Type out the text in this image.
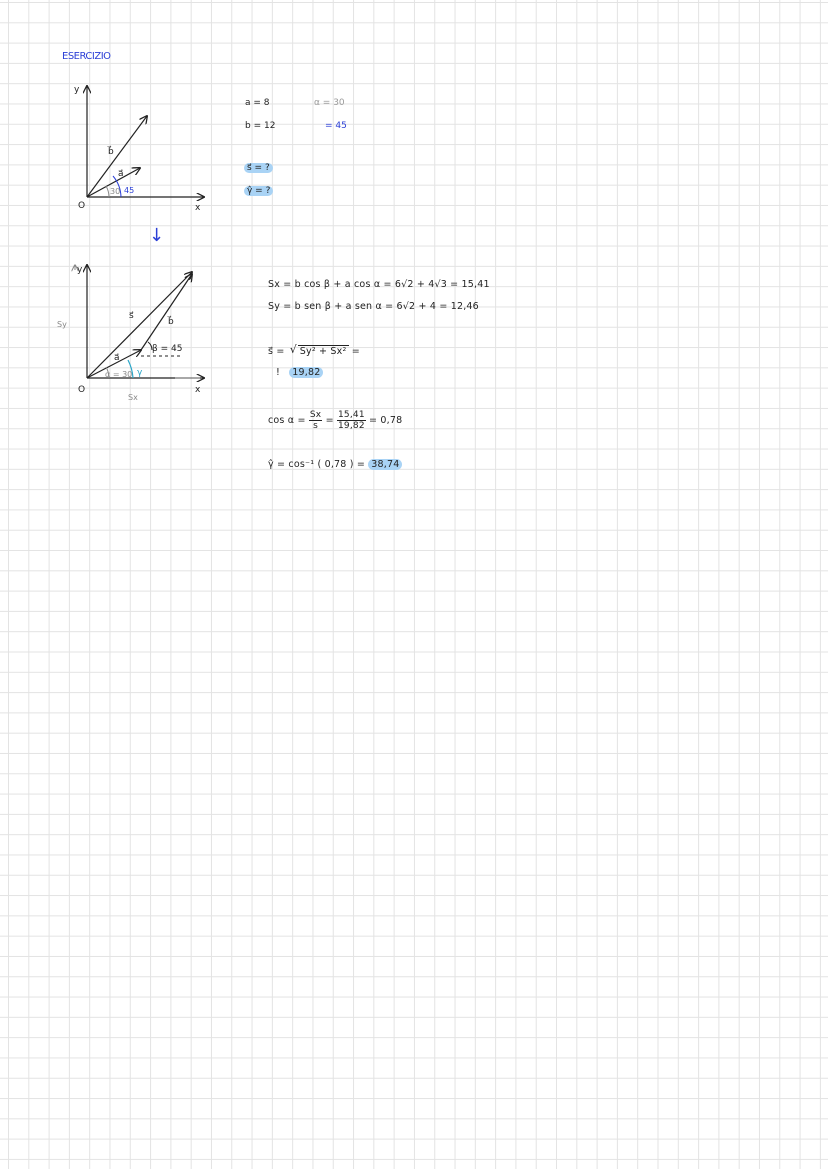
ESERCIZIO
a = 8
b = 12
α = 30
= 45
s⃗ = ?
γ̂ = ?
y
x
O
b⃗
a⃗
30 45
↓
y
x
O
Sy
Sx
s⃗
b⃗
a⃗
β = 45
α = 30 γ
Sx = b cos β + a cos α = 6√2 + 4√3 = 15,41
Sy = b sen β + a sen α = 6√2 + 4 = 12,46
s⃗ = √ Sy² + Sx² =
! 19,82
$\cos \alpha = \frac{Sx}{s} = \frac{15,41}{19,82} = 0,78$
γ̂ = cos⁻¹ ( 0,78 ) = 38,74
